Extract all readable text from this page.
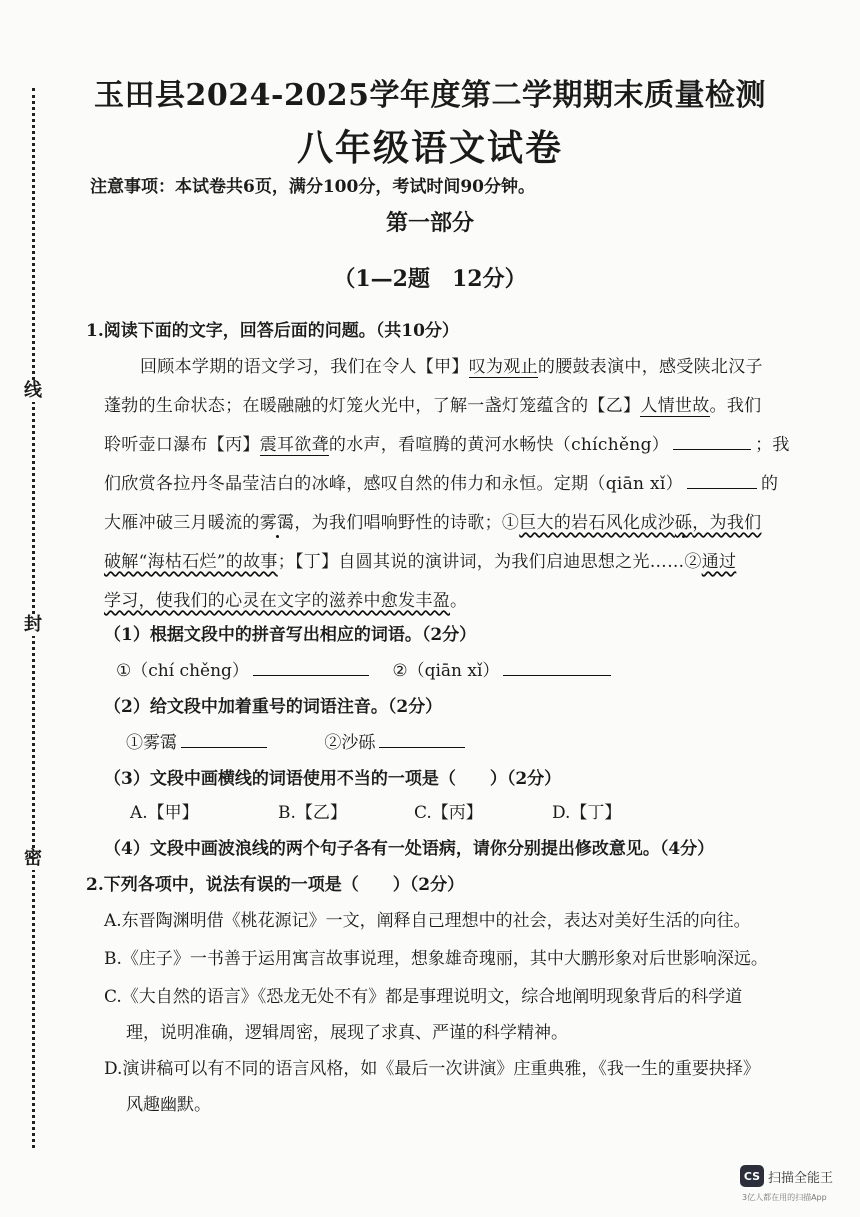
线
封
密
玉田县2024-2025学年度第二学期期末质量检测
八年级语文试卷
注意事项：本试卷共6页，满分100分，考试时间90分钟。
第一部分
（1—2题　12分）
1.阅读下面的文字，回答后面的问题。（共10分）
回顾本学期的语文学习，我们在令人【甲】叹为观止的腰鼓表演中，感受陕北汉子
蓬勃的生命状态；在暖融融的灯笼火光中，了解一盏灯笼蕴含的【乙】人情世故。我们
聆听壶口瀑布【丙】震耳欲聋的水声，看喧腾的黄河水畅快（chíchěng）	；我
们欣赏各拉丹冬晶莹洁白的冰峰，感叹自然的伟力和永恒。定期（qiān xǐ）	的
大雁冲破三月暖流的雾霭，为我们唱响野性的诗歌；①巨大的岩石风化成沙砾，为我们
破解“海枯石烂”的故事；【丁】自圆其说的演讲词，为我们启迪思想之光……②通过
学习，使我们的心灵在文字的滋养中愈发丰盈。
（1）根据文段中的拼音写出相应的词语。（2分）
①（chí chěng）	②（qiān xǐ）
（2）给文段中加着重号的词语注音。（2分）
①雾霭	②沙砾
（3）文段中画横线的词语使用不当的一项是（　　）（2分）
A.【甲】	B.【乙】	C.【丙】	D.【丁】
（4）文段中画波浪线的两个句子各有一处语病，请你分别提出修改意见。（4分）
2.下列各项中，说法有误的一项是（　　）（2分）
A.东晋陶渊明借《桃花源记》一文，阐释自己理想中的社会，表达对美好生活的向往。
B.《庄子》一书善于运用寓言故事说理，想象雄奇瑰丽，其中大鹏形象对后世影响深远。
C.《大自然的语言》《恐龙无处不有》都是事理说明文，综合地阐明现象背后的科学道
理，说明准确，逻辑周密，展现了求真、严谨的科学精神。
D.演讲稿可以有不同的语言风格，如《最后一次讲演》庄重典雅，《我一生的重要抉择》
风趣幽默。
CS 扫描全能王
3亿人都在用的扫描App
